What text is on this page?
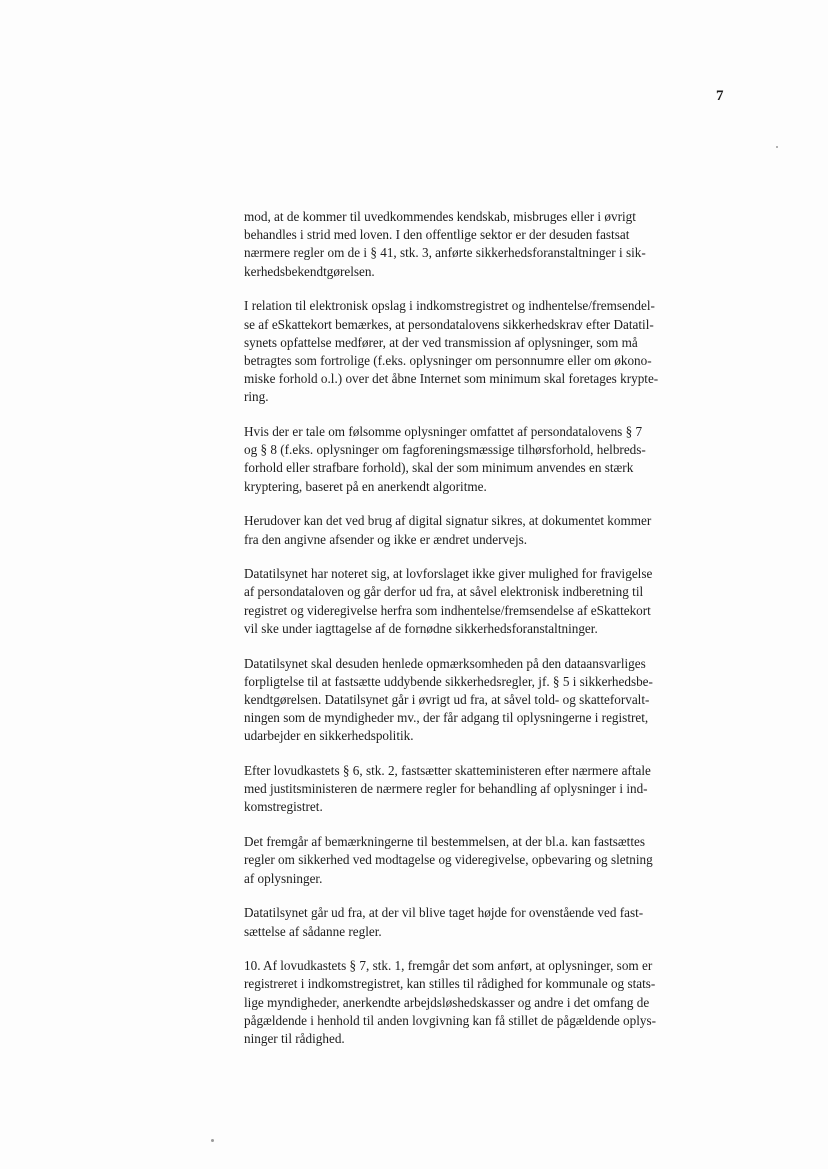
7

mod, at de kommer til uvedkommendes kendskab, misbruges eller i øvrigt
behandles i strid med loven. I den offentlige sektor er der desuden fastsat
nærmere regler om de i § 41, stk. 3, anførte sikkerhedsforanstaltninger i sik-
kerhedsbekendtgørelsen.

I relation til elektronisk opslag i indkomstregistret og indhentelse/fremsendel-
se af eSkattekort bemærkes, at persondatalovens sikkerhedskrav efter Datatil-
synets opfattelse medfører, at der ved transmission af oplysninger, som må
betragtes som fortrolige (f.eks. oplysninger om personnumre eller om økono-
miske forhold o.l.) over det åbne Internet som minimum skal foretages krypte-
ring.

Hvis der er tale om følsomme oplysninger omfattet af persondatalovens § 7
og § 8 (f.eks. oplysninger om fagforeningsmæssige tilhørsforhold, helbreds-
forhold eller strafbare forhold), skal der som minimum anvendes en stærk
kryptering, baseret på en anerkendt algoritme.

Herudover kan det ved brug af digital signatur sikres, at dokumentet kommer
fra den angivne afsender og ikke er ændret undervejs.

Datatilsynet har noteret sig, at lovforslaget ikke giver mulighed for fravigelse
af persondataloven og går derfor ud fra, at såvel elektronisk indberetning til
registret og videregivelse herfra som indhentelse/fremsendelse af eSkattekort
vil ske under iagttagelse af de fornødne sikkerhedsforanstaltninger.

Datatilsynet skal desuden henlede opmærksomheden på den dataansvarliges
forpligtelse til at fastsætte uddybende sikkerhedsregler, jf. § 5 i sikkerhedsbe-
kendtgørelsen. Datatilsynet går i øvrigt ud fra, at såvel told- og skatteforvalt-
ningen som de myndigheder mv., der får adgang til oplysningerne i registret,
udarbejder en sikkerhedspolitik.

Efter lovudkastets § 6, stk. 2, fastsætter skatteministeren efter nærmere aftale
med justitsministeren de nærmere regler for behandling af oplysninger i ind-
komstregistret.

Det fremgår af bemærkningerne til bestemmelsen, at der bl.a. kan fastsættes
regler om sikkerhed ved modtagelse og videregivelse, opbevaring og sletning
af oplysninger.

Datatilsynet går ud fra, at der vil blive taget højde for ovenstående ved fast-
sættelse af sådanne regler.

10. Af lovudkastets § 7, stk. 1, fremgår det som anført, at oplysninger, som er
registreret i indkomstregistret, kan stilles til rådighed for kommunale og stats-
lige myndigheder, anerkendte arbejdsløshedskasser og andre i det omfang de
pågældende i henhold til anden lovgivning kan få stillet de pågældende oplys-
ninger til rådighed.
